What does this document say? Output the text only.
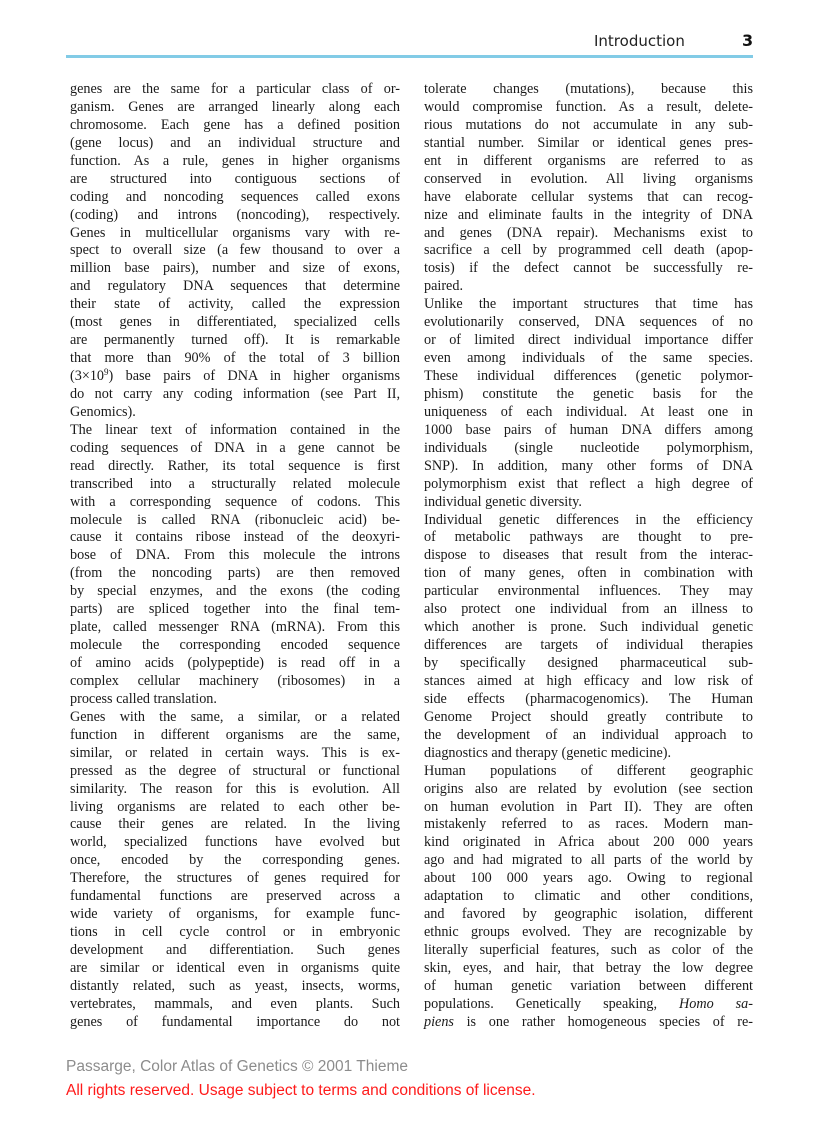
Introduction	3
genes are the same for a particular class of or-
ganism. Genes are arranged linearly along each
chromosome. Each gene has a defined position
(gene locus) and an individual structure and
function. As a rule, genes in higher organisms
are structured into contiguous sections of
coding and noncoding sequences called exons
(coding) and introns (noncoding), respectively.
Genes in multicellular organisms vary with re-
spect to overall size (a few thousand to over a
million base pairs), number and size of exons,
and regulatory DNA sequences that determine
their state of activity, called the expression
(most genes in differentiated, specialized cells
are permanently turned off). It is remarkable
that more than 90% of the total of 3 billion
$(3\times 10^9)$ base pairs of DNA in higher organisms
do not carry any coding information (see Part II,
Genomics).
The linear text of information contained in the
coding sequences of DNA in a gene cannot be
read directly. Rather, its total sequence is first
transcribed into a structurally related molecule
with a corresponding sequence of codons. This
molecule is called RNA (ribonucleic acid) be-
cause it contains ribose instead of the deoxyri-
bose of DNA. From this molecule the introns
(from the noncoding parts) are then removed
by special enzymes, and the exons (the coding
parts) are spliced together into the final tem-
plate, called messenger RNA (mRNA). From this
molecule the corresponding encoded sequence
of amino acids (polypeptide) is read off in a
complex cellular machinery (ribosomes) in a
process called translation.
Genes with the same, a similar, or a related
function in different organisms are the same,
similar, or related in certain ways. This is ex-
pressed as the degree of structural or functional
similarity. The reason for this is evolution. All
living organisms are related to each other be-
cause their genes are related. In the living
world, specialized functions have evolved but
once, encoded by the corresponding genes.
Therefore, the structures of genes required for
fundamental functions are preserved across a
wide variety of organisms, for example func-
tions in cell cycle control or in embryonic
development and differentiation. Such genes
are similar or identical even in organisms quite
distantly related, such as yeast, insects, worms,
vertebrates, mammals, and even plants. Such
genes of fundamental importance do not
tolerate changes (mutations), because this
would compromise function. As a result, delete-
rious mutations do not accumulate in any sub-
stantial number. Similar or identical genes pres-
ent in different organisms are referred to as
conserved in evolution. All living organisms
have elaborate cellular systems that can recog-
nize and eliminate faults in the integrity of DNA
and genes (DNA repair). Mechanisms exist to
sacrifice a cell by programmed cell death (apop-
tosis) if the defect cannot be successfully re-
paired.
Unlike the important structures that time has
evolutionarily conserved, DNA sequences of no
or of limited direct individual importance differ
even among individuals of the same species.
These individual differences (genetic polymor-
phism) constitute the genetic basis for the
uniqueness of each individual. At least one in
1000 base pairs of human DNA differs among
individuals (single nucleotide polymorphism,
SNP). In addition, many other forms of DNA
polymorphism exist that reflect a high degree of
individual genetic diversity.
Individual genetic differences in the efficiency
of metabolic pathways are thought to pre-
dispose to diseases that result from the interac-
tion of many genes, often in combination with
particular environmental influences. They may
also protect one individual from an illness to
which another is prone. Such individual genetic
differences are targets of individual therapies
by specifically designed pharmaceutical sub-
stances aimed at high efficacy and low risk of
side effects (pharmacogenomics). The Human
Genome Project should greatly contribute to
the development of an individual approach to
diagnostics and therapy (genetic medicine).
Human populations of different geographic
origins also are related by evolution (see section
on human evolution in Part II). They are often
mistakenly referred to as races. Modern man-
kind originated in Africa about 200 000 years
ago and had migrated to all parts of the world by
about 100 000 years ago. Owing to regional
adaptation to climatic and other conditions,
and favored by geographic isolation, different
ethnic groups evolved. They are recognizable by
literally superficial features, such as color of the
skin, eyes, and hair, that betray the low degree
of human genetic variation between different
populations. Genetically speaking, Homo sa-
piens is one rather homogeneous species of re-
Passarge, Color Atlas of Genetics © 2001 Thieme
All rights reserved. Usage subject to terms and conditions of license.
